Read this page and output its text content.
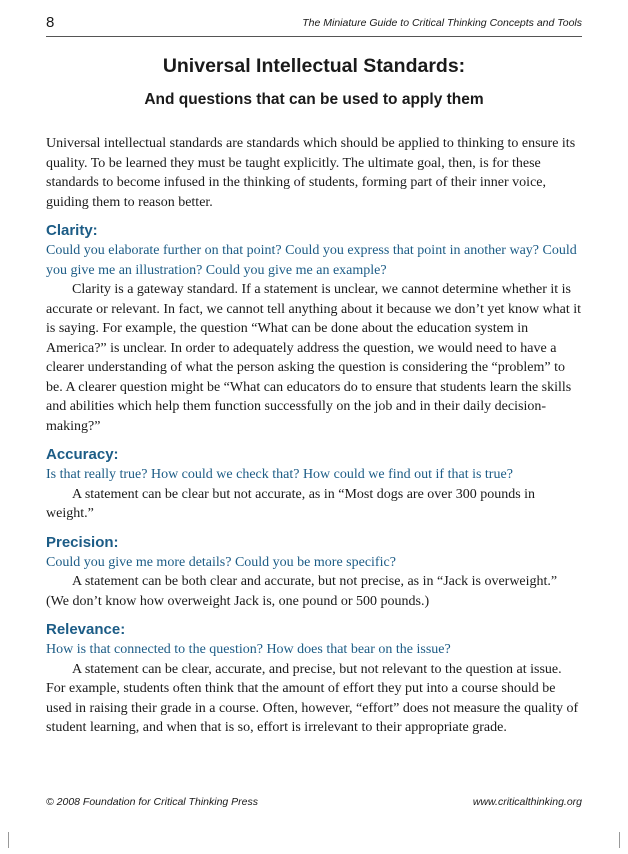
8	The Miniature Guide to Critical Thinking Concepts and Tools
Universal Intellectual Standards:
And questions that can be used to apply them

Universal intellectual standards are standards which should be applied to thinking to ensure its quality. To be learned they must be taught explicitly. The ultimate goal, then, is for these standards to become infused in the thinking of students, forming part of their inner voice, guiding them to reason better.

Clarity:

Could you elaborate further on that point? Could you express that point in another way? Could you give me an illustration? Could you give me an example?

Clarity is a gateway standard. If a statement is unclear, we cannot determine whether it is accurate or relevant. In fact, we cannot tell anything about it because we don’t yet know what it is saying. For example, the question “What can be done about the education system in America?” is unclear. In order to adequately address the question, we would need to have a clearer understanding of what the person asking the question is considering the “problem” to be. A clearer question might be “What can educators do to ensure that students learn the skills and abilities which help them function successfully on the job and in their daily decision-making?”

Accuracy:

Is that really true? How could we check that? How could we find out if that is true?

A statement can be clear but not accurate, as in “Most dogs are over 300 pounds in weight.”

Precision:

Could you give me more details? Could you be more specific?

A statement can be both clear and accurate, but not precise, as in “Jack is overweight.” (We don’t know how overweight Jack is, one pound or 500 pounds.)

Relevance:

How is that connected to the question? How does that bear on the issue?

A statement can be clear, accurate, and precise, but not relevant to the question at issue. For example, students often think that the amount of effort they put into a course should be used in raising their grade in a course. Often, however, “effort” does not measure the quality of student learning, and when that is so, effort is irrelevant to their appropriate grade.

© 2008 Foundation for Critical Thinking Press	www.criticalthinking.org
